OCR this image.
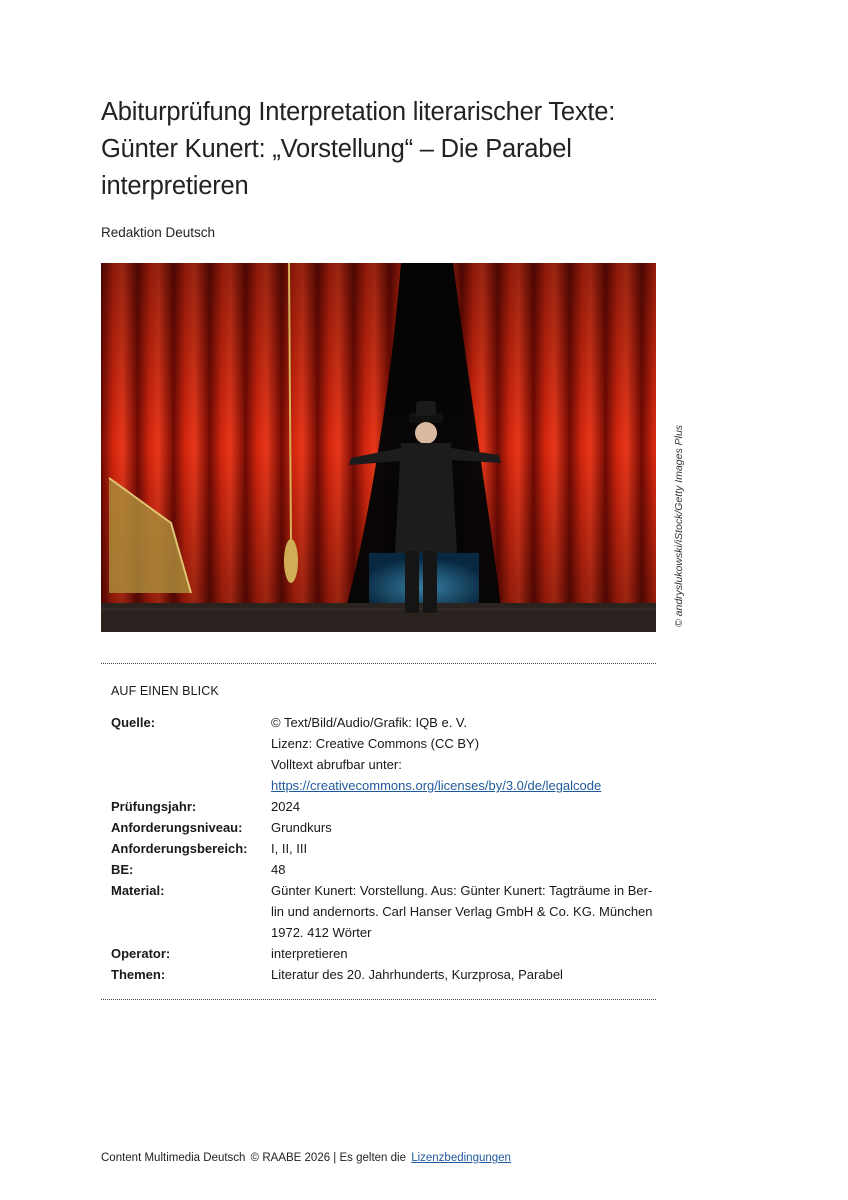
Abiturprüfung Interpretation literarischer Texte:
Günter Kunert: „Vorstellung“ – Die Parabel
interpretieren
Redaktion Deutsch
© andryslukowski/iStock/Getty Images Plus
AUF EINEN BLICK
Quelle:	© Text/Bild/Audio/Grafik: IQB e. V.
Lizenz: Creative Commons (CC BY)
Volltext abrufbar unter:
https://creativecommons.org/licenses/by/3.0/de/legalcode
Prüfungsjahr:	2024
Anforderungsniveau:	Grundkurs
Anforderungsbereich:	I, II, III
BE:	48
Material:	Günter Kunert: Vorstellung. Aus: Günter Kunert: Tagträume in Ber-
lin und andernorts. Carl Hanser Verlag GmbH & Co. KG. München
1972. 412 Wörter
Operator:	interpretieren
Themen:	Literatur des 20. Jahrhunderts, Kurzprosa, Parabel
Content Multimedia Deutsch © RAABE 2026 | Es gelten die Lizenzbedingungen
